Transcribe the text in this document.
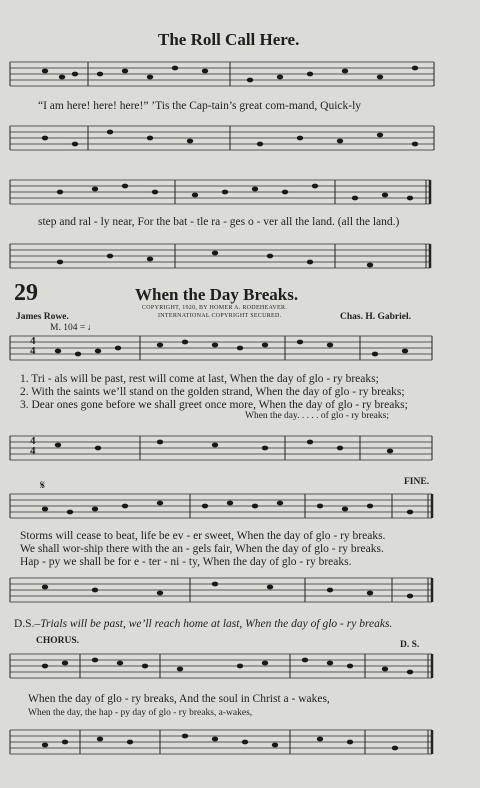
The Roll Call Here.
“I am here! here! here!” ’Tis the Cap-tain’s great com-mand, Quick-ly
step and ral - ly near, For the bat - tle ra - ges o - ver all the land. (all the land.)
29	When the Day Breaks.
COPYRIGHT, 1920, BY HOMER A. RODEHEAVER.
INTERNATIONAL COPYRIGHT SECURED.
James Rowe.	Chas. H. Gabriel.
M. 104 = ♩
4
4
1. Tri - als will be past, rest will come at last, When the day of glo - ry breaks;
2. With the saints we’ll stand on the golden strand, When the day of glo - ry breaks;
3. Dear ones gone before we shall greet once more, When the day of glo - ry breaks;
When the day. . . . . of glo - ry breaks;
4
4
FINE.
𝄋
Storms will cease to beat, life be ev - er sweet, When the day of glo - ry breaks.
We shall wor-ship there with the an - gels fair, When the day of glo - ry breaks.
Hap - py we shall be for e - ter - ni - ty, When the day of glo - ry breaks.
D.S.–Trials will be past, we’ll reach home at last, When the day of glo - ry breaks.
CHORUS.	D. S.
When the day of glo - ry breaks, And the soul in Christ a - wakes,
When the day, the hap - py day of glo - ry breaks, a-wakes,
